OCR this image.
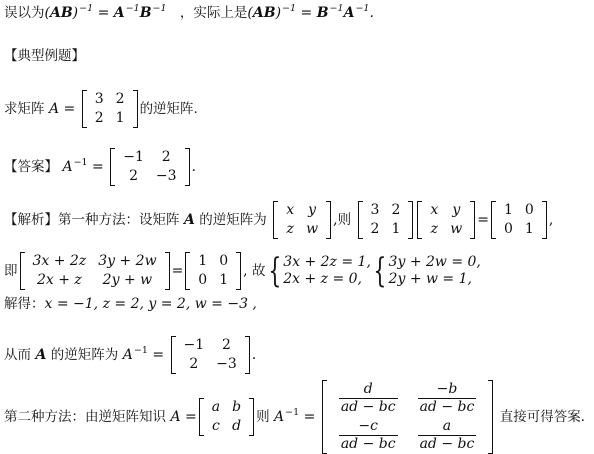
误以为$(AB)^{-1} = A^{-1}B^{-1}$ ，实际上是$(AB)^{-1} = B^{-1}A^{-1}$.
【典型例题】
求矩阵 A =
3	2
2	1
的逆矩阵.
【答案】 $A^{-1}$ =
−1	2
2	−3
.
【解析】第一种方法：设矩阵 A 的逆矩阵为
x	y
z	w
,则
3	2
2	1
x	y
z	w
=
1	0
0	1
,
即
3x + 2z	3y + 2w
2x + z	2y + w
=
1	0
0	1
, 故{ 3x + 2z = 1,
2x + z = 0, { 3y + 2w = 0,
2y + w = 1,
解得：x = −1, z = 2, y = 2, w = −3 ,
从而 A 的逆矩阵为 $A^{-1}$ =
−1	2
2	−3
.
第二种方法：由逆矩阵知识 A =
a	b
c	d
则 $A^{-1}$ =
$\frac{d}{ad - bc}$	$\frac{-b}{ad - bc}$

$\frac{-c}{ad - bc}$	$\frac{a}{ad - bc}$
直接可得答案．
